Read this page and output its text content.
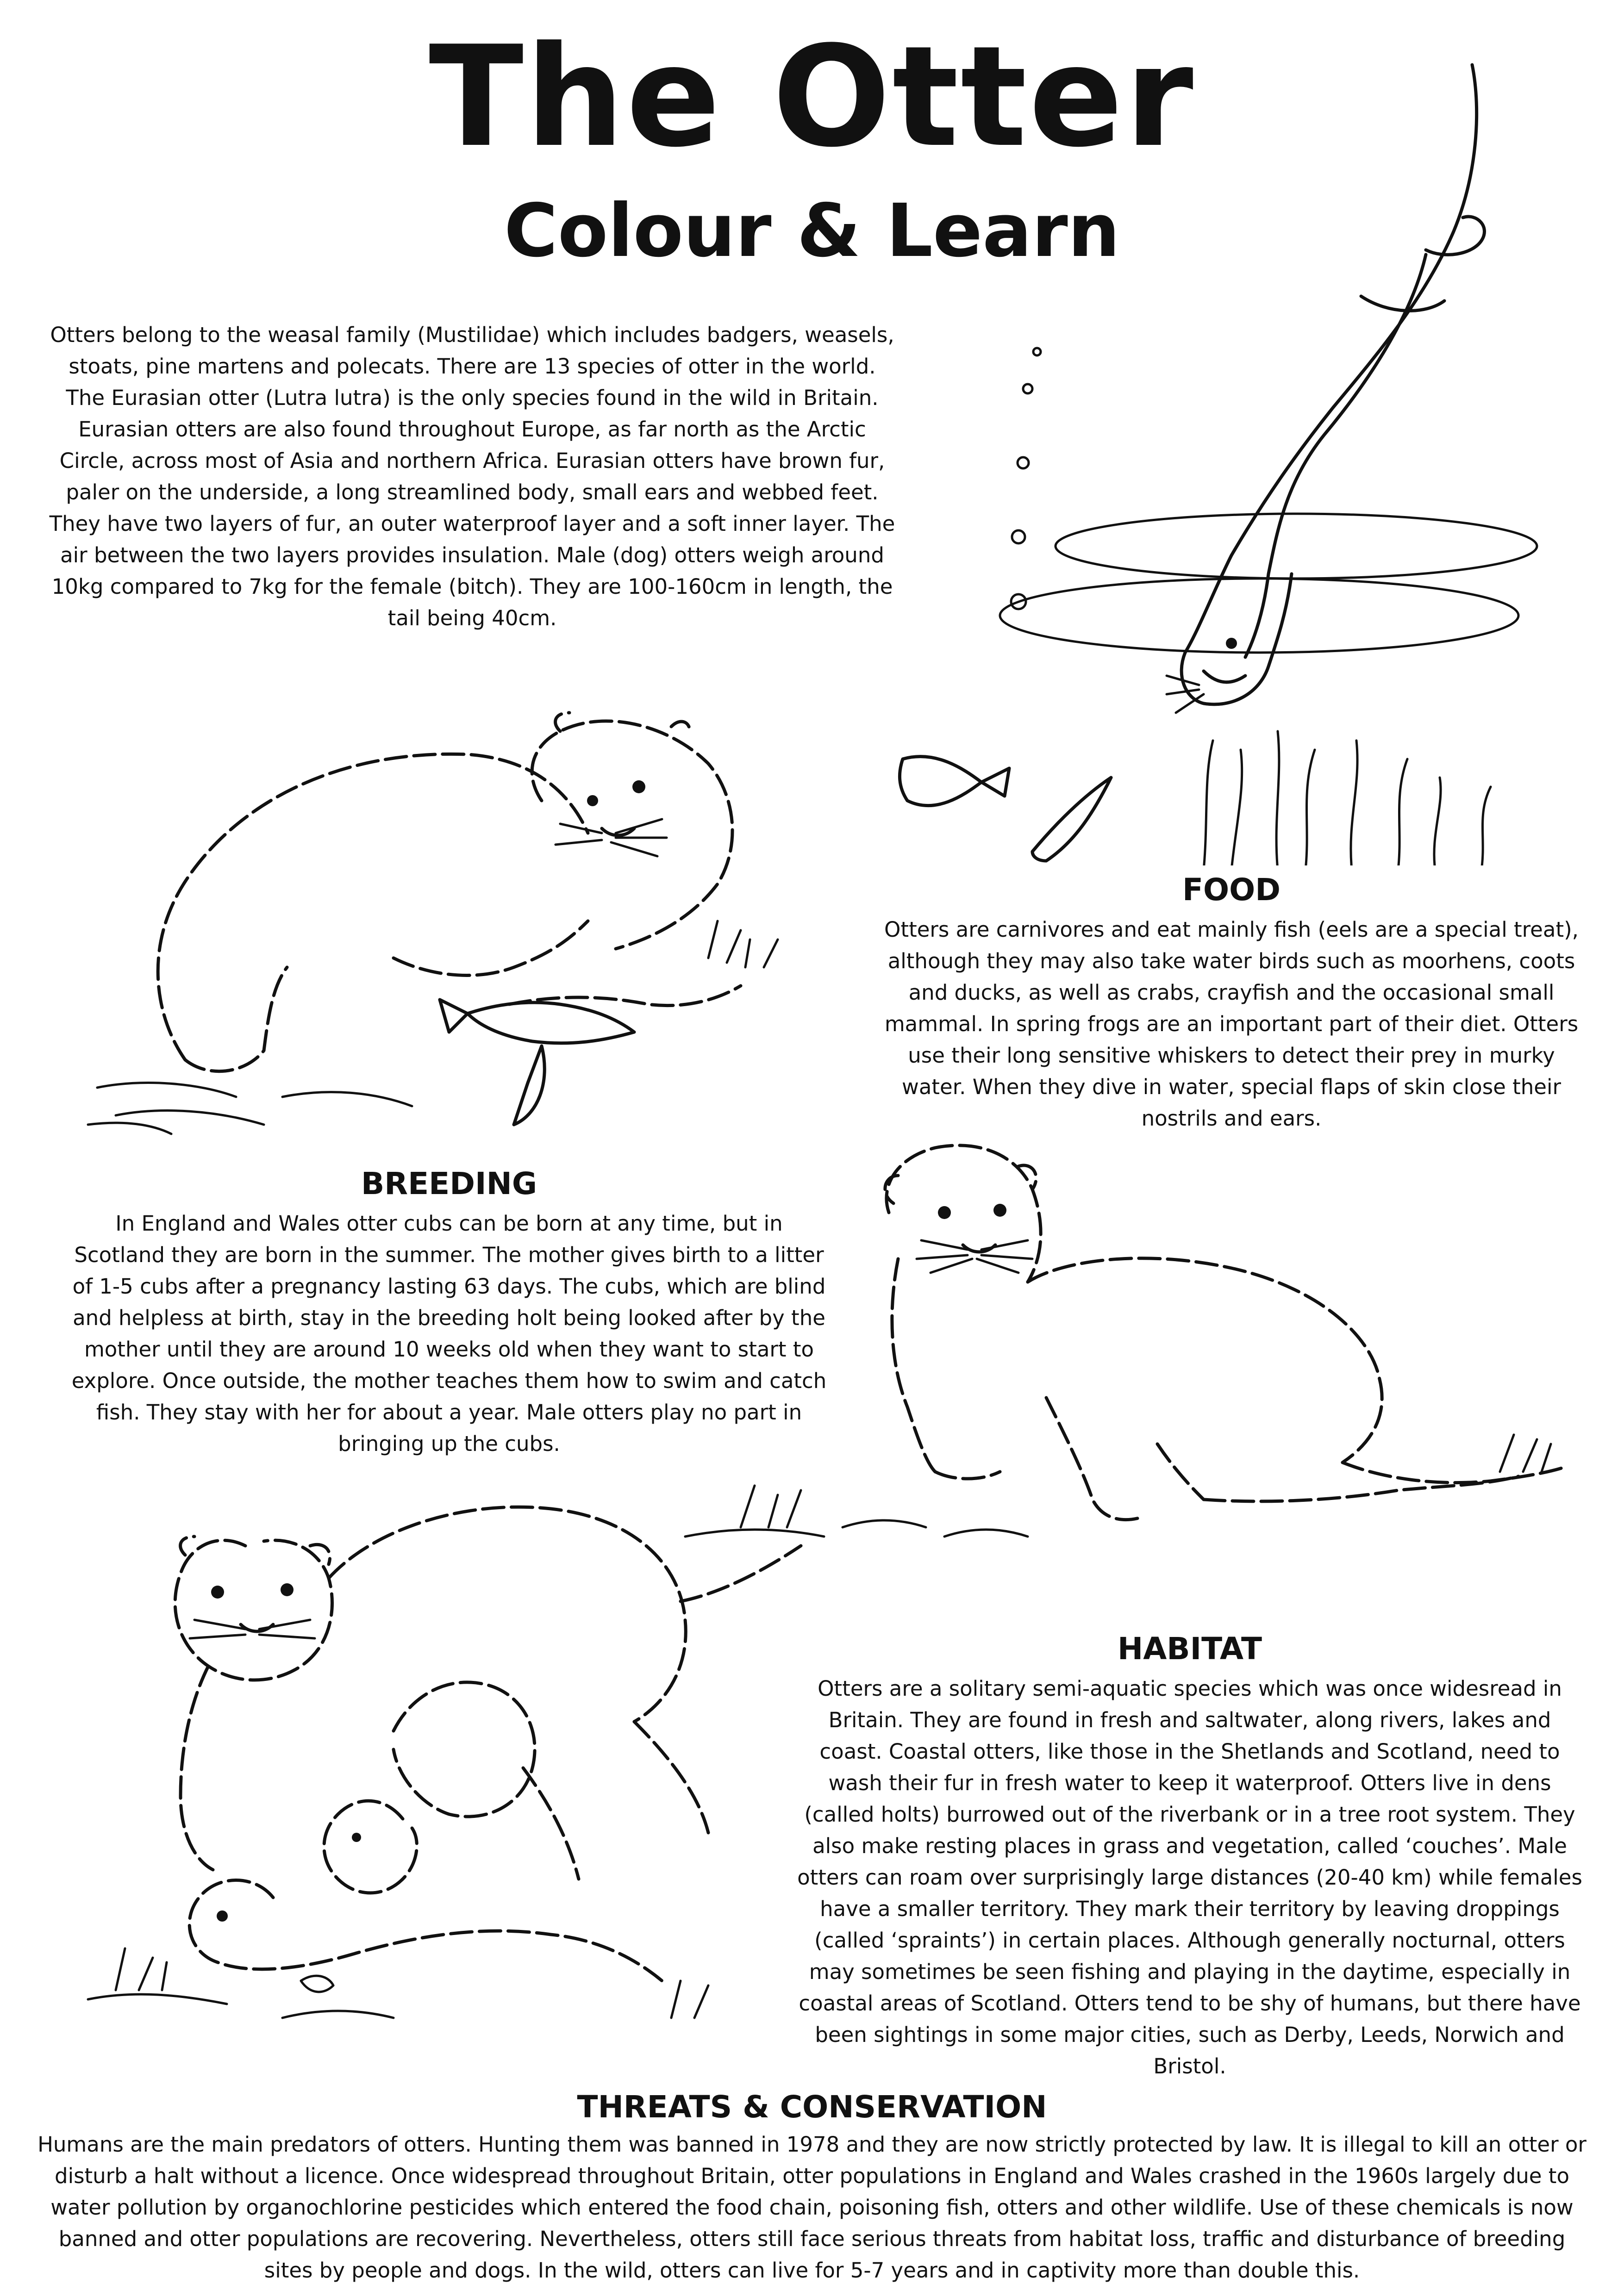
The Otter
Colour & Learn

Otters belong to the weasal family (Mustilidae) which includes badgers, weasels, stoats, pine martens and polecats. There are 13 species of otter in the world. The Eurasian otter (Lutra lutra) is the only species found in the wild in Britain. Eurasian otters are also found throughout Europe, as far north as the Arctic Circle, across most of Asia and northern Africa. Eurasian otters have brown fur, paler on the underside, a long streamlined body, small ears and webbed feet. They have two layers of fur, an outer waterproof layer and a soft inner layer. The air between the two layers provides insulation. Male (dog) otters weigh around 10kg compared to 7kg for the female (bitch). They are 100-160cm in length, the tail being 40cm.

FOOD

Otters are carnivores and eat mainly fish (eels are a special treat), although they may also take water birds such as moorhens, coots and ducks, as well as crabs, crayfish and the occasional small mammal. In spring frogs are an important part of their diet. Otters use their long sensitive whiskers to detect their prey in murky water. When they dive in water, special flaps of skin close their nostrils and ears.

BREEDING

In England and Wales otter cubs can be born at any time, but in Scotland they are born in the summer. The mother gives birth to a litter of 1-5 cubs after a pregnancy lasting 63 days. The cubs, which are blind and helpless at birth, stay in the breeding holt being looked after by the mother until they are around 10 weeks old when they want to start to explore. Once outside, the mother teaches them how to swim and catch fish. They stay with her for about a year. Male otters play no part in bringing up the cubs.

HABITAT

Otters are a solitary semi-aquatic species which was once widesread in Britain. They are found in fresh and saltwater, along rivers, lakes and coast. Coastal otters, like those in the Shetlands and Scotland, need to wash their fur in fresh water to keep it waterproof. Otters live in dens (called holts) burrowed out of the riverbank or in a tree root system. They also make resting places in grass and vegetation, called ‘couches’. Male otters can roam over surprisingly large distances (20-40 km) while females have a smaller territory. They mark their territory by leaving droppings (called ‘spraints’) in certain places. Although generally nocturnal, otters may sometimes be seen fishing and playing in the daytime, especially in coastal areas of Scotland. Otters tend to be shy of humans, but there have been sightings in some major cities, such as Derby, Leeds, Norwich and Bristol.

THREATS & CONSERVATION

Humans are the main predators of otters. Hunting them was banned in 1978 and they are now strictly protected by law. It is illegal to kill an otter or disturb a halt without a licence. Once widespread throughout Britain, otter populations in England and Wales crashed in the 1960s largely due to water pollution by organochlorine pesticides which entered the food chain, poisoning fish, otters and other wildlife. Use of these chemicals is now banned and otter populations are recovering. Nevertheless, otters still face serious threats from habitat loss, traffic and disturbance of breeding sites by people and dogs. In the wild, otters can live for 5-7 years and in captivity more than double this.
